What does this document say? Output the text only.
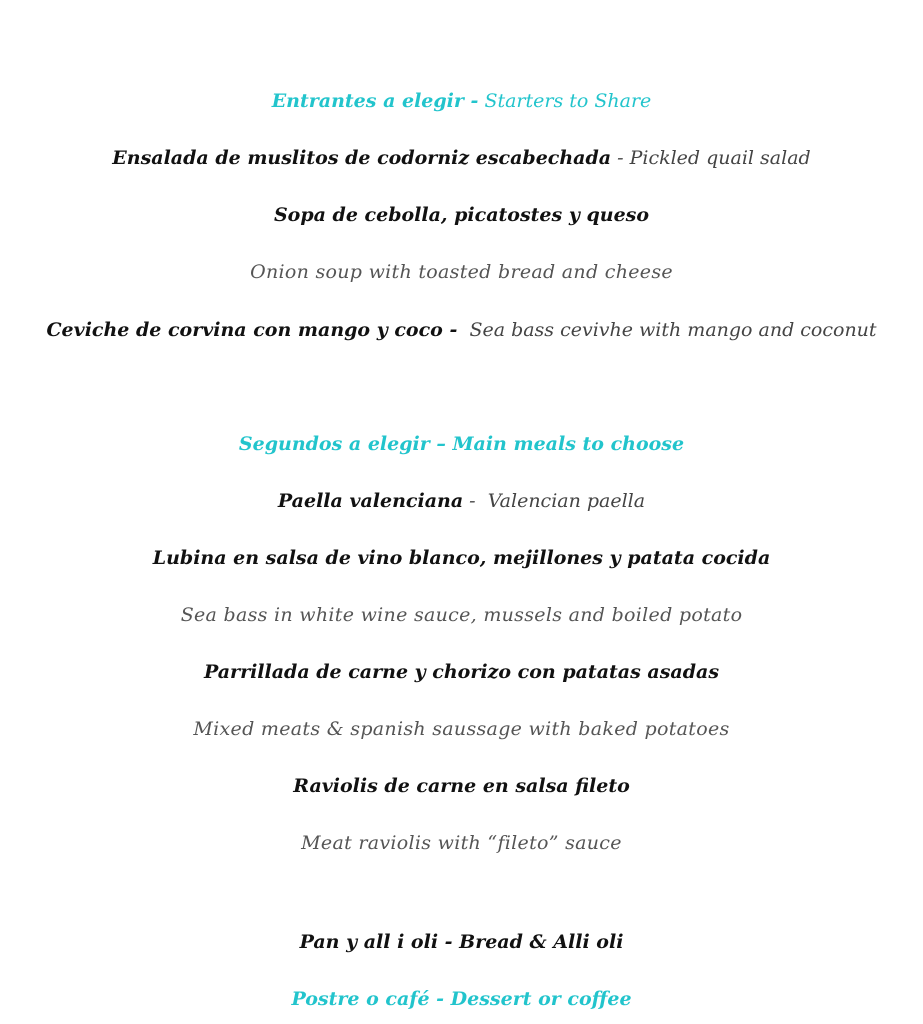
Entrantes a elegir - Starters to Share
Ensalada de muslitos de codorniz escabechada - Pickled quail salad
Sopa de cebolla, picatostes y queso
Onion soup with toasted bread and cheese
Ceviche de corvina con mango y coco - Sea bass cevivhe with mango and coconut
Segundos a elegir – Main meals to choose
Paella valenciana -  Valencian paella
Lubina en salsa de vino blanco, mejillones y patata cocida
Sea bass in white wine sauce, mussels and boiled potato
Parrillada de carne y chorizo con patatas asadas
Mixed meats & spanish saussage with baked potatoes
Raviolis de carne en salsa fileto
Meat raviolis with “fileto” sauce
Pan y all i oli - Bread & Alli oli
Postre o café - Dessert or coffee
